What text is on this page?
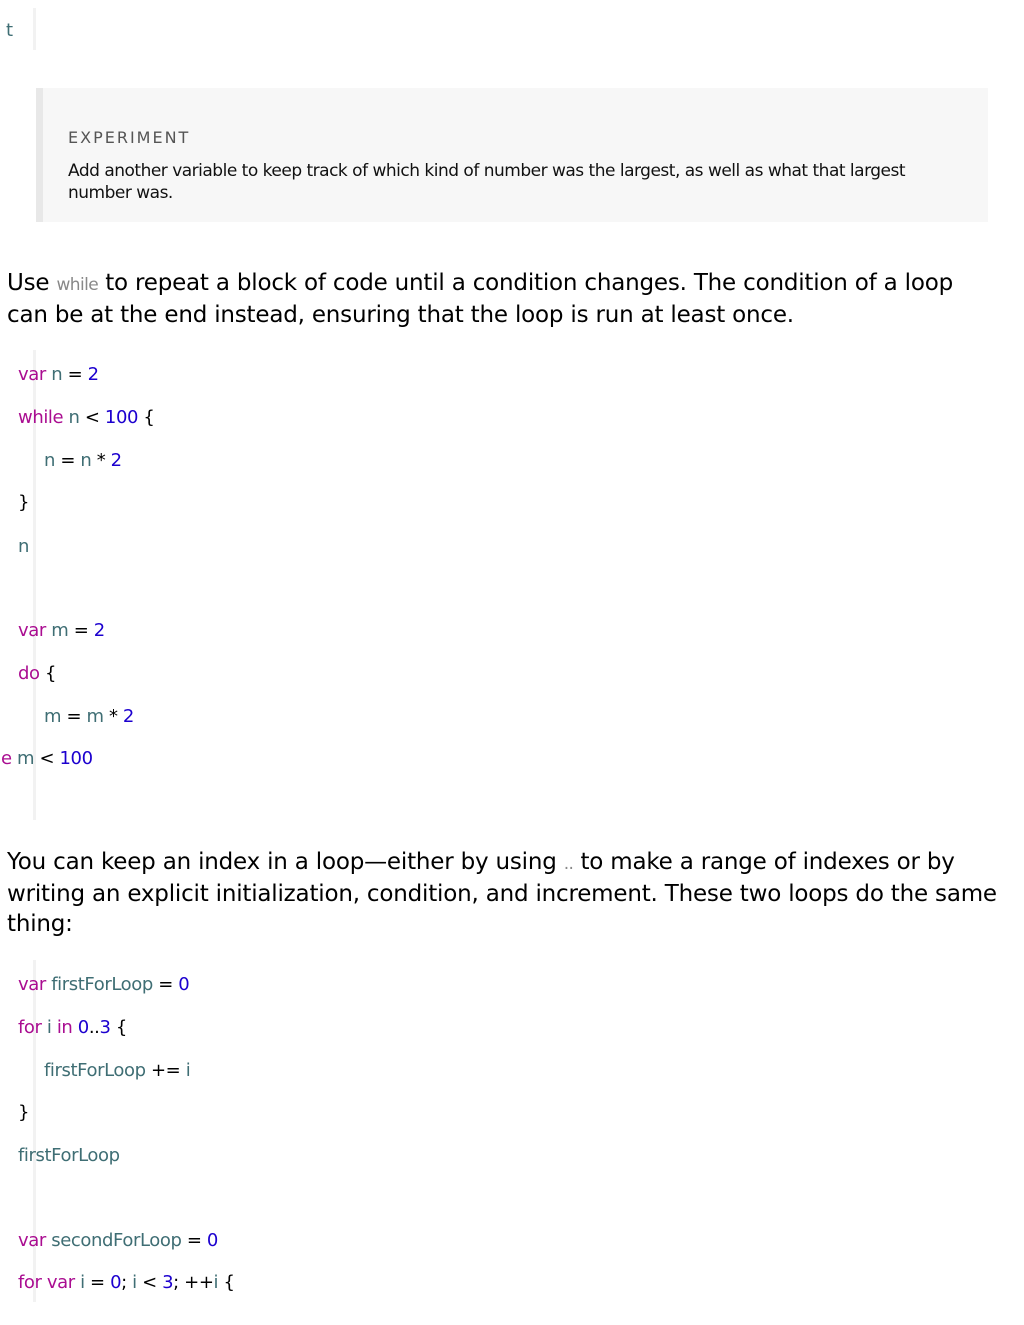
t
EXPERIMENT
Add another variable to keep track of which kind of number was the largest, as well as what that largest number was.
Use while to repeat a block of code until a condition changes. The condition of a loop can be at the end instead, ensuring that the loop is run at least once.
var n = 2
while n < 100 {
n = n * 2
}
n
var m = 2
do {
m = m * 2
e m < 100
You can keep an index in a loop—either by using .. to make a range of indexes or by writing an explicit initialization, condition, and increment. These two loops do the same thing:
var firstForLoop = 0
for i in 0..3 {
firstForLoop += i
}
firstForLoop
var secondForLoop = 0
for var i = 0; i < 3; ++i {
